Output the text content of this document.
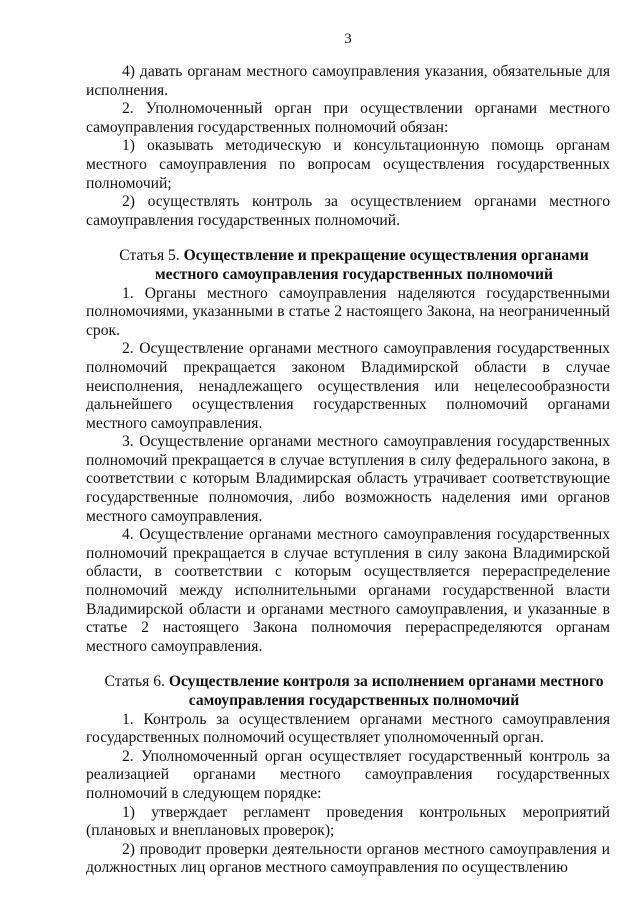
3

4) давать органам местного самоуправления указания, обязательные для исполнения.

2. Уполномоченный орган при осуществлении органами местного самоуправления государственных полномочий обязан:

1) оказывать методическую и консультационную помощь органам местного самоуправления по вопросам осуществления государственных полномочий;

2) осуществлять контроль за осуществлением органами местного самоуправления государственных полномочий.

Статья 5. Осуществление и прекращение осуществления органами местного самоуправления государственных полномочий

1. Органы местного самоуправления наделяются государственными полномочиями, указанными в статье 2 настоящего Закона, на неограниченный срок.

2. Осуществление органами местного самоуправления государственных полномочий прекращается законом Владимирской области в случае неисполнения, ненадлежащего осуществления или нецелесообразности дальнейшего осуществления государственных полномочий органами местного самоуправления.

3. Осуществление органами местного самоуправления государственных полномочий прекращается в случае вступления в силу федерального закона, в соответствии с которым Владимирская область утрачивает соответствующие государственные полномочия, либо возможность наделения ими органов местного самоуправления.

4. Осуществление органами местного самоуправления государственных полномочий прекращается в случае вступления в силу закона Владимирской области, в соответствии с которым осуществляется перераспределение полномочий между исполнительными органами государственной власти Владимирской области и органами местного самоуправления, и указанные в статье 2 настоящего Закона полномочия перераспределяются органам местного самоуправления.

Статья 6. Осуществление контроля за исполнением органами местного самоуправления государственных полномочий

1. Контроль за осуществлением органами местного самоуправления государственных полномочий осуществляет уполномоченный орган.

2. Уполномоченный орган осуществляет государственный контроль за реализацией органами местного самоуправления государственных полномочий в следующем порядке:

1) утверждает регламент проведения контрольных мероприятий (плановых и внеплановых проверок);

2) проводит проверки деятельности органов местного самоуправления и должностных лиц органов местного самоуправления по осуществлению
